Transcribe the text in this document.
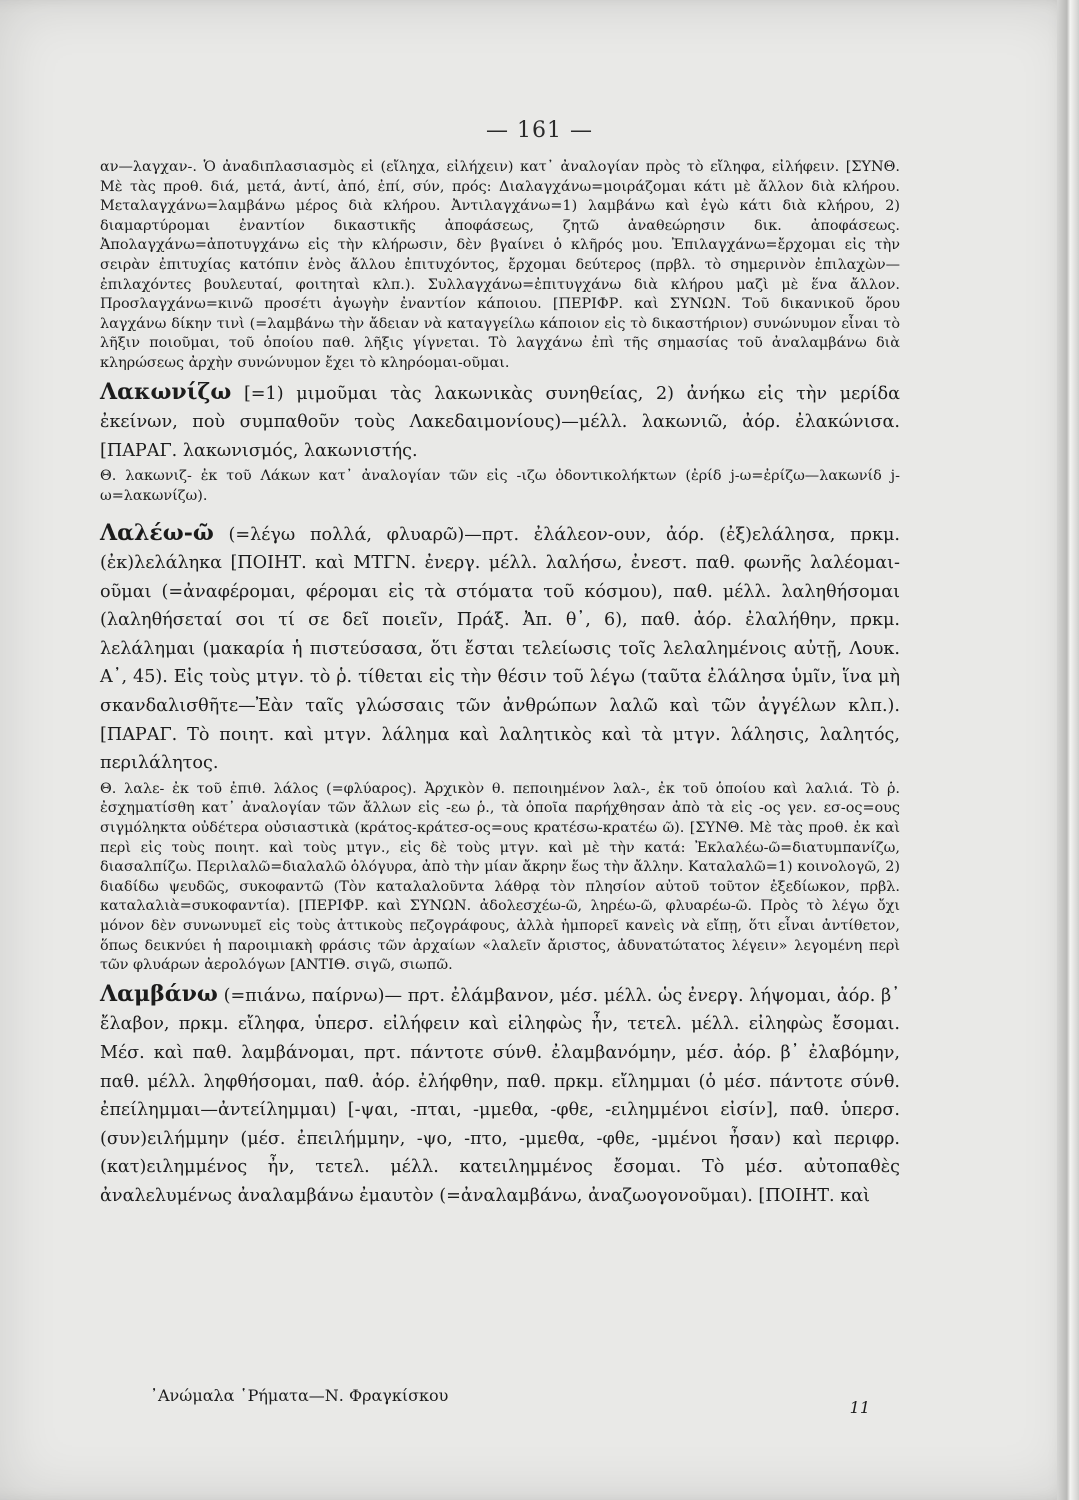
— 161 —

αν—λαγχαν-. Ὁ ἀναδιπλασιασμὸς εἰ (εἴληχα, εἰλήχειν) κατ᾽ ἀναλογίαν πρὸς τὸ εἴληφα, εἰλήφειν. [ΣΥΝΘ. Μὲ τὰς προθ. διά, μετά, ἀντί, ἀπό, ἐπί, σύν, πρός: Διαλαγχάνω=μοιράζομαι κάτι μὲ ἄλλον διὰ κλήρου. Μεταλαγχάνω=λαμβάνω μέρος διὰ κλήρου. Ἀντιλαγχάνω=1) λαμβάνω καὶ ἐγὼ κάτι διὰ κλήρου, 2) διαμαρτύρομαι ἐναντίον δικαστικῆς ἀποφάσεως, ζητῶ ἀναθεώρησιν δικ. ἀποφάσεως. Ἀπολαγχάνω=ἀποτυγχάνω εἰς τὴν κλήρωσιν, δὲν βγαίνει ὁ κλῆρός μου. Ἐπιλαγχάνω=ἔρχομαι εἰς τὴν σειρὰν ἐπιτυχίας κατόπιν ἑνὸς ἄλλου ἐπιτυχόντος, ἔρχομαι δεύτερος (πρβλ. τὸ σημερινὸν ἐπιλαχὼν—ἐπιλαχόντες βουλευταί, φοιτηταὶ κλπ.). Συλλαγχάνω=ἐπιτυγχάνω διὰ κλήρου μαζὶ μὲ ἕνα ἄλλον. Προσλαγχάνω=κινῶ προσέτι ἀγωγὴν ἐναντίον κάποιου. [ΠΕΡΙΦΡ. καὶ ΣΥΝΩΝ. Τοῦ δικανικοῦ ὅρου λαγχάνω δίκην τινὶ (=λαμβάνω τὴν ἄδειαν νὰ καταγγείλω κάποιον εἰς τὸ δικαστήριον) συνώνυμον εἶναι τὸ λῆξιν ποιοῦμαι, τοῦ ὁποίου παθ. λῆξις γίγνεται. Τὸ λαγχάνω ἐπὶ τῆς σημασίας τοῦ ἀναλαμβάνω διὰ κληρώσεως ἀρχὴν συνώνυμον ἔχει τὸ κληρόομαι-οῦμαι.

Λακωνίζω [=1) μιμοῦμαι τὰς λακωνικὰς συνηθείας, 2) ἀνήκω εἰς τὴν μερίδα ἐκείνων, ποὺ συμπαθοῦν τοὺς Λακεδαιμονίους)—μέλλ. λακωνιῶ, ἀόρ. ἐλακώνισα. [ΠΑΡΑΓ. λακωνισμός, λακωνιστής.

Θ. λακωνιζ- ἐκ τοῦ Λάκων κατ᾽ ἀναλογίαν τῶν εἰς -ιζω ὀδοντικολήκτων (ἐρίδ j-ω=ἐρίζω—λακωνίδ j-ω=λακωνίζω).

Λαλέω-ῶ (=λέγω πολλά, φλυαρῶ)—πρτ. ἐλάλεον-ουν, ἀόρ. (ἐξ)ελάλησα, πρκμ. (ἐκ)λελάληκα [ΠΟΙΗΤ. καὶ ΜΤΓΝ. ἐνεργ. μέλλ. λαλήσω, ἐνεστ. παθ. φωνῆς λαλέομαι-οῦμαι (=ἀναφέρομαι, φέρομαι εἰς τὰ στόματα τοῦ κόσμου), παθ. μέλλ. λαληθήσομαι (λαληθήσεταί σοι τί σε δεῖ ποιεῖν, Πράξ. Ἀπ. θ᾽, 6), παθ. ἀόρ. ἐλαλήθην, πρκμ. λελάλημαι (μακαρία ἡ πιστεύσασα, ὅτι ἔσται τελείωσις τοῖς λελαλημένοις αὐτῇ, Λουκ. Α᾽, 45). Εἰς τοὺς μτγν. τὸ ῥ. τίθεται εἰς τὴν θέσιν τοῦ λέγω (ταῦτα ἐλάλησα ὑμῖν, ἵνα μὴ σκανδαλισθῆτε—Ἐὰν ταῖς γλώσσαις τῶν ἀνθρώπων λαλῶ καὶ τῶν ἀγγέλων κλπ.). [ΠΑΡΑΓ. Τὸ ποιητ. καὶ μτγν. λάλημα καὶ λαλητικὸς καὶ τὰ μτγν. λάλησις, λαλητός, περιλάλητος.

Θ. λαλε- ἐκ τοῦ ἐπιθ. λάλος (=φλύαρος). Ἀρχικὸν θ. πεποιημένον λαλ-, ἐκ τοῦ ὁποίου καὶ λαλιά. Τὸ ῥ. ἐσχηματίσθη κατ᾽ ἀναλογίαν τῶν ἄλλων εἰς -εω ῥ., τὰ ὁποῖα παρήχθησαν ἀπὸ τὰ εἰς -ος γεν. εσ-ος=ους σιγμόληκτα οὐδέτερα οὐσιαστικὰ (κράτος-κράτεσ-ος=ους κρατέσω-κρατέω ῶ). [ΣΥΝΘ. Μὲ τὰς προθ. ἐκ καὶ περὶ εἰς τοὺς ποιητ. καὶ τοὺς μτγν., εἰς δὲ τοὺς μτγν. καὶ μὲ τὴν κατά: Ἐκλαλέω-ῶ=διατυμπανίζω, διασαλπίζω. Περιλαλῶ=διαλαλῶ ὁλόγυρα, ἀπὸ τὴν μίαν ἄκρην ἕως τὴν ἄλλην. Καταλαλῶ=1) κοινολογῶ, 2) διαδίδω ψευδῶς, συκοφαντῶ (Τὸν καταλαλοῦντα λάθρᾳ τὸν πλησίον αὐτοῦ τοῦτον ἐξεδίωκον, πρβλ. καταλαλιὰ=συκοφαντία). [ΠΕΡΙΦΡ. καὶ ΣΥΝΩΝ. ἀδολεσχέω-ῶ, ληρέω-ῶ, φλυαρέω-ῶ. Πρὸς τὸ λέγω ὄχι μόνον δὲν συνωνυμεῖ εἰς τοὺς ἀττικοὺς πεζογράφους, ἀλλὰ ἠμπορεῖ κανεὶς νὰ εἴπῃ, ὅτι εἶναι ἀντίθετον, ὅπως δεικνύει ἡ παροιμιακὴ φράσις τῶν ἀρχαίων «λαλεῖν ἄριστος, ἀδυνατώτατος λέγειν» λεγομένη περὶ τῶν φλυάρων ἀερολόγων [ΑΝΤΙΘ. σιγῶ, σιωπῶ.

Λαμβάνω (=πιάνω, παίρνω)— πρτ. ἐλάμβανον, μέσ. μέλλ. ὡς ἐνεργ. λήψομαι, ἀόρ. β᾽ ἔλαβον, πρκμ. εἴληφα, ὑπερσ. εἰλήφειν καὶ εἰληφὼς ἦν, τετελ. μέλλ. εἰληφὼς ἔσομαι. Μέσ. καὶ παθ. λαμβάνομαι, πρτ. πάντοτε σύνθ. ἐλαμβανόμην, μέσ. ἀόρ. β᾽ ἐλαβόμην, παθ. μέλλ. ληφθήσομαι, παθ. ἀόρ. ἐλήφθην, παθ. πρκμ. εἴλημμαι (ὁ μέσ. πάντοτε σύνθ. ἐπείλημμαι—ἀντείλημμαι) [-ψαι, -πται, -μμεθα, -φθε, -ειλημμένοι εἰσίν], παθ. ὑπερσ. (συν)ειλήμμην (μέσ. ἐπειλήμμην, -ψο, -πτο, -μμεθα, -φθε, -μμένοι ἦσαν) καὶ περιφρ. (κατ)ειλημμένος ἦν, τετελ. μέλλ. κατειλημμένος ἔσομαι. Τὸ μέσ. αὐτοπαθὲς ἀναλελυμένως ἀναλαμβάνω ἐμαυτὸν (=ἀναλαμβάνω, ἀναζωογονοῦμαι). [ΠΟΙΗΤ. καὶ

᾿Ανώμαλα ῾Ρήματα—Ν. Φραγκίσκου
11
